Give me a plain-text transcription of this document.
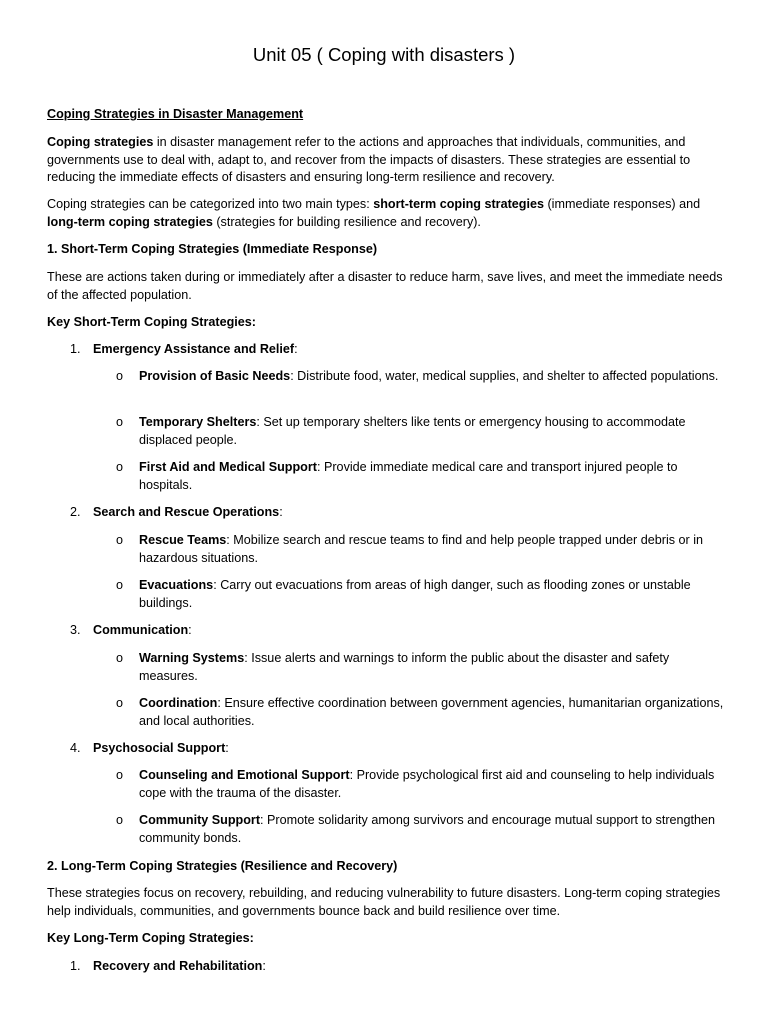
Unit 05 ( Coping with disasters )
Coping Strategies in Disaster Management
Coping strategies in disaster management refer to the actions and approaches that individuals, communities, and governments use to deal with, adapt to, and recover from the impacts of disasters. These strategies are essential to reducing the immediate effects of disasters and ensuring long-term resilience and recovery.
Coping strategies can be categorized into two main types: short-term coping strategies (immediate responses) and long-term coping strategies (strategies for building resilience and recovery).
1. Short-Term Coping Strategies (Immediate Response)
These are actions taken during or immediately after a disaster to reduce harm, save lives, and meet the immediate needs of the affected population.
Key Short-Term Coping Strategies:
1. Emergency Assistance and Relief:
o Provision of Basic Needs: Distribute food, water, medical supplies, and shelter to affected populations.
o Temporary Shelters: Set up temporary shelters like tents or emergency housing to accommodate displaced people.
o First Aid and Medical Support: Provide immediate medical care and transport injured people to hospitals.
2. Search and Rescue Operations:
o Rescue Teams: Mobilize search and rescue teams to find and help people trapped under debris or in hazardous situations.
o Evacuations: Carry out evacuations from areas of high danger, such as flooding zones or unstable buildings.
3. Communication:
o Warning Systems: Issue alerts and warnings to inform the public about the disaster and safety measures.
o Coordination: Ensure effective coordination between government agencies, humanitarian organizations, and local authorities.
4. Psychosocial Support:
o Counseling and Emotional Support: Provide psychological first aid and counseling to help individuals cope with the trauma of the disaster.
o Community Support: Promote solidarity among survivors and encourage mutual support to strengthen community bonds.
2. Long-Term Coping Strategies (Resilience and Recovery)
These strategies focus on recovery, rebuilding, and reducing vulnerability to future disasters. Long-term coping strategies help individuals, communities, and governments bounce back and build resilience over time.
Key Long-Term Coping Strategies:
1. Recovery and Rehabilitation:
